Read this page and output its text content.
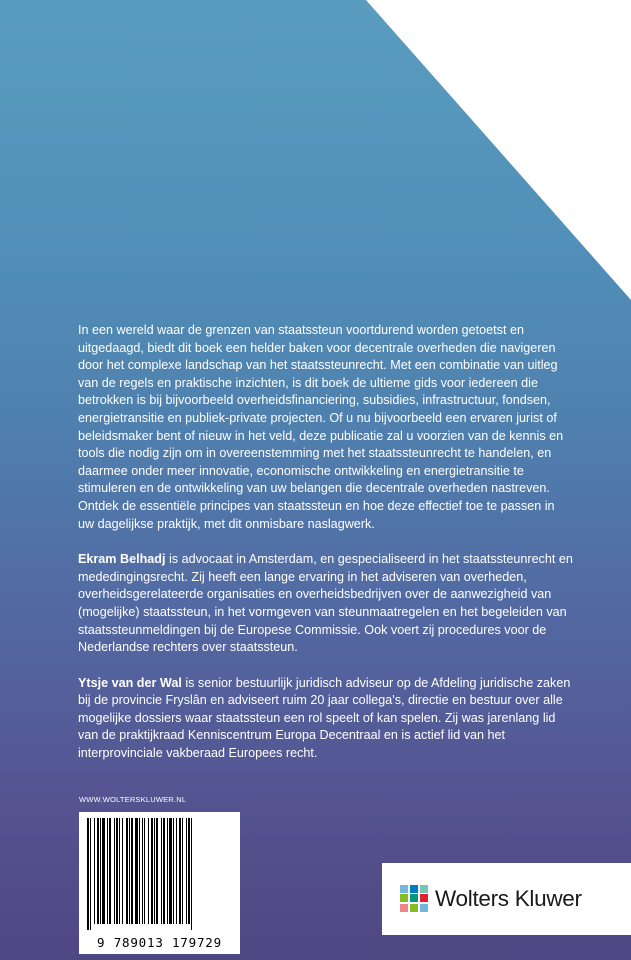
In een wereld waar de grenzen van staatssteun voortdurend worden getoetst en uitgedaagd, biedt dit boek een helder baken voor decentrale overheden die navigeren door het complexe landschap van het staatssteunrecht. Met een combinatie van uitleg van de regels en praktische inzichten, is dit boek de ultieme gids voor iedereen die betrokken is bij bijvoorbeeld overheidsfinanciering, subsidies, infrastructuur, fondsen, energietransitie en publiek-private projecten. Of u nu bijvoorbeeld een ervaren jurist of beleidsmaker bent of nieuw in het veld, deze publicatie zal u voorzien van de kennis en tools die nodig zijn om in overeenstemming met het staatssteunrecht te handelen, en daarmee onder meer innovatie, economische ontwikkeling en energietransitie te stimuleren en de ontwikkeling van uw belangen die decentrale overheden nastreven. Ontdek de essentiële principes van staatssteun en hoe deze effectief toe te passen in uw dagelijkse praktijk, met dit onmisbare naslagwerk.

Ekram Belhadj is advocaat in Amsterdam, en gespecialiseerd in het staatssteunrecht en mededingingsrecht. Zij heeft een lange ervaring in het adviseren van overheden, overheidsgerelateerde organisaties en overheidsbedrijven over de aanwezigheid van (mogelijke) staatssteun, in het vormgeven van steunmaatregelen en het begeleiden van staatssteunmeldingen bij de Europese Commissie. Ook voert zij procedures voor de Nederlandse rechters over staatssteun.

Ytsje van der Wal is senior bestuurlijk juridisch adviseur op de Afdeling juridische zaken bij de provincie Fryslân en adviseert ruim 20 jaar collega's, directie en bestuur over alle mogelijke dossiers waar staatssteun een rol speelt of kan spelen. Zij was jarenlang lid van de praktijkraad Kenniscentrum Europa Decentraal en is actief lid van het interprovinciale vakberaad Europees recht.

WWW.WOLTERSKLUWER.NL
9 789013 179729
Wolters Kluwer
